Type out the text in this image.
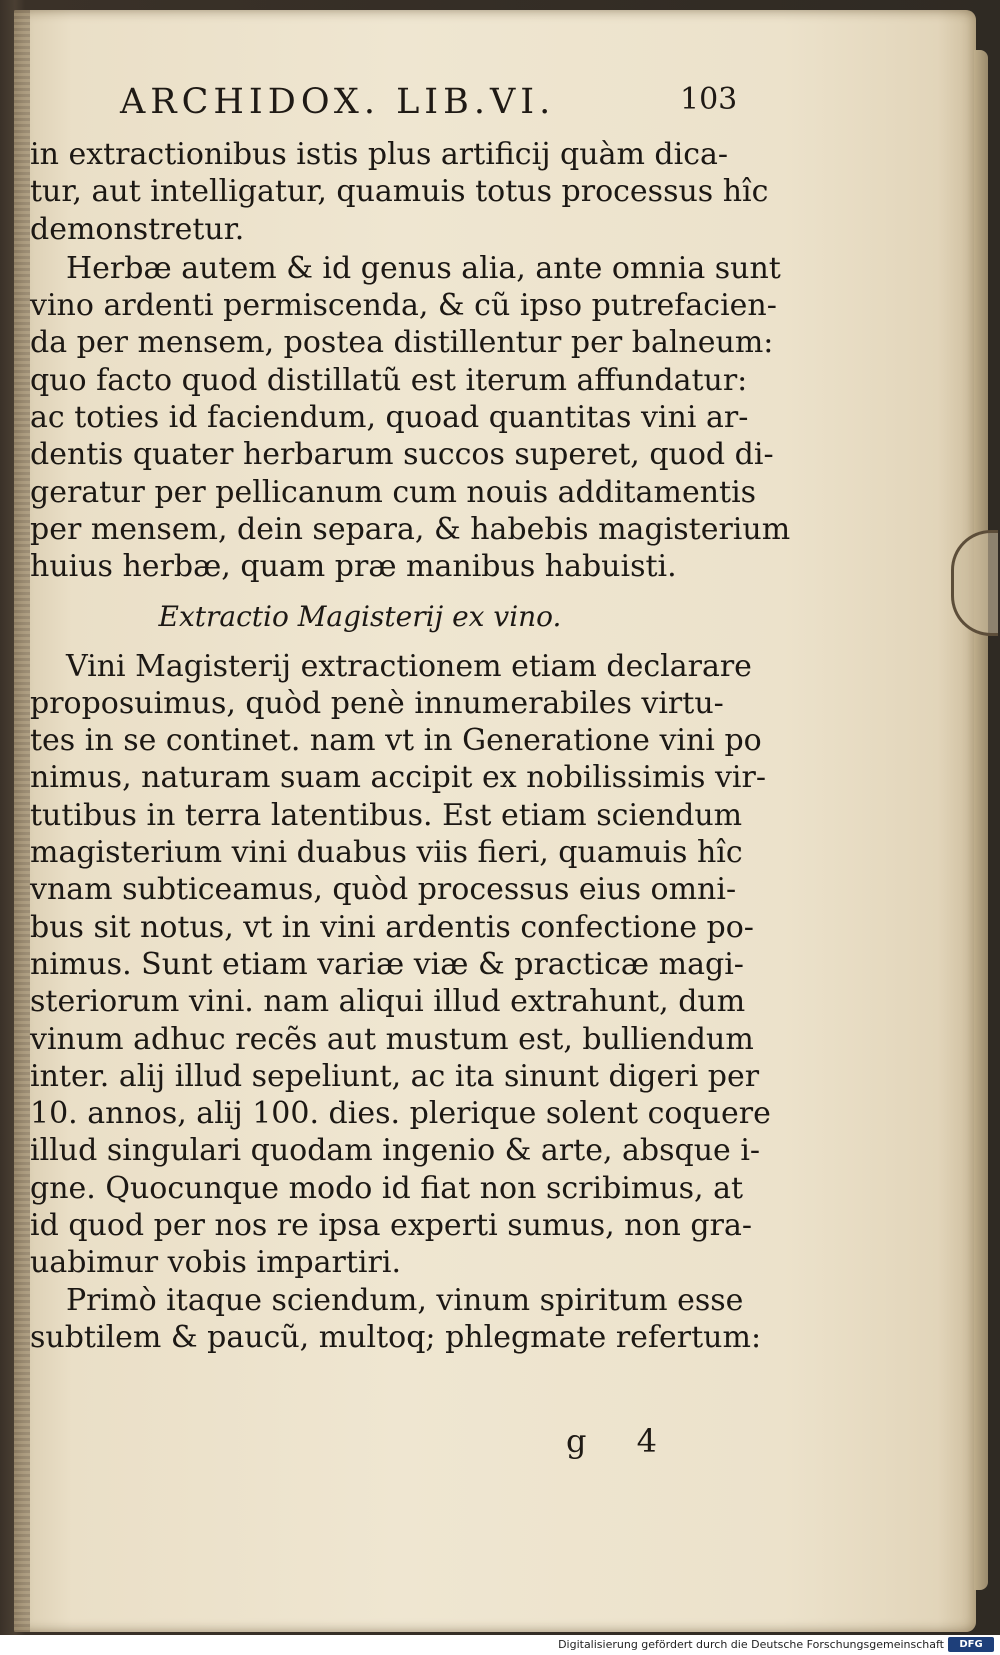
ARCHIDOX. LIB.VI.	103
in extractionibus istis plus artificij quàm dica-
tur, aut intelligatur, quamuis totus processus hîc
demonstretur.
Herbæ autem & id genus alia, ante omnia sunt
vino ardenti permiscenda, & cũ ipso putrefacien-
da per mensem, postea distillentur per balneum:
quo facto quod distillatũ est iterum affundatur:
ac toties id faciendum, quoad quantitas vini ar-
dentis quater herbarum succos superet, quod di-
geratur per pellicanum cum nouis additamentis
per mensem, dein separa, & habebis magisterium
huius herbæ, quam præ manibus habuisti.
Extractio Magisterij ex vino.
Vini Magisterij extractionem etiam declarare
proposuimus, quòd penè innumerabiles virtu-
tes in se continet. nam vt in Generatione vini po
nimus, naturam suam accipit ex nobilissimis vir-
tutibus in terra latentibus. Est etiam sciendum
magisterium vini duabus viis fieri, quamuis hîc
vnam subticeamus, quòd processus eius omni-
bus sit notus, vt in vini ardentis confectione po-
nimus. Sunt etiam variæ viæ & practicæ magi-
steriorum vini. nam aliqui illud extrahunt, dum
vinum adhuc recẽs aut mustum est, bulliendum
inter. alij illud sepeliunt, ac ita sinunt digeri per
10. annos, alij 100. dies. plerique solent coquere
illud singulari quodam ingenio & arte, absque i-
gne. Quocunque modo id fiat non scribimus, at
id quod per nos re ipsa experti sumus, non gra-
uabimur vobis impartiri.
Primò itaque sciendum, vinum spiritum esse
subtilem & paucũ, multoq; phlegmate refertum:
g 4
Digitalisierung gefördert durch die Deutsche Forschungsgemeinschaft	DFG
